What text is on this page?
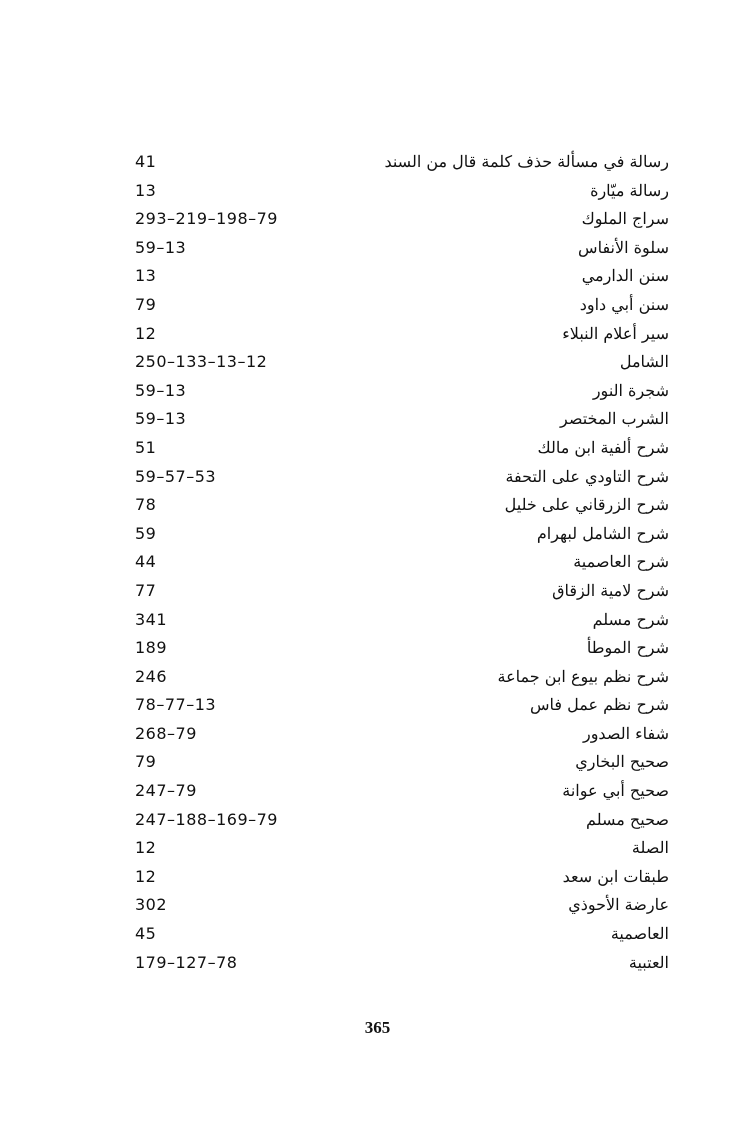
41	رسالة في مسألة حذف كلمة قال من السند
13	رسالة ميّارة
293–219–198–79	سراج الملوك
59–13	سلوة الأنفاس
13	سنن الدارمي
79	سنن أبي داود
12	سير أعلام النبلاء
250–133–13–12	الشامل
59–13	شجرة النور
59–13	الشرب المختصر
51	شرح ألفية ابن مالك
59–57–53	شرح التاودي على التحفة
78	شرح الزرقاني على خليل
59	شرح الشامل لبهرام
44	شرح العاصمية
77	شرح لامية الزقاق
341	شرح مسلم
189	شرح الموطأ
246	شرح نظم بيوع ابن جماعة
78–77–13	شرح نظم عمل فاس
268–79	شفاء الصدور
79	صحيح البخاري
247–79	صحيح أبي عوانة
247–188–169–79	صحيح مسلم
12	الصلة
12	طبقات ابن سعد
302	عارضة الأحوذي
45	العاصمية
179–127–78	العتبية
365
